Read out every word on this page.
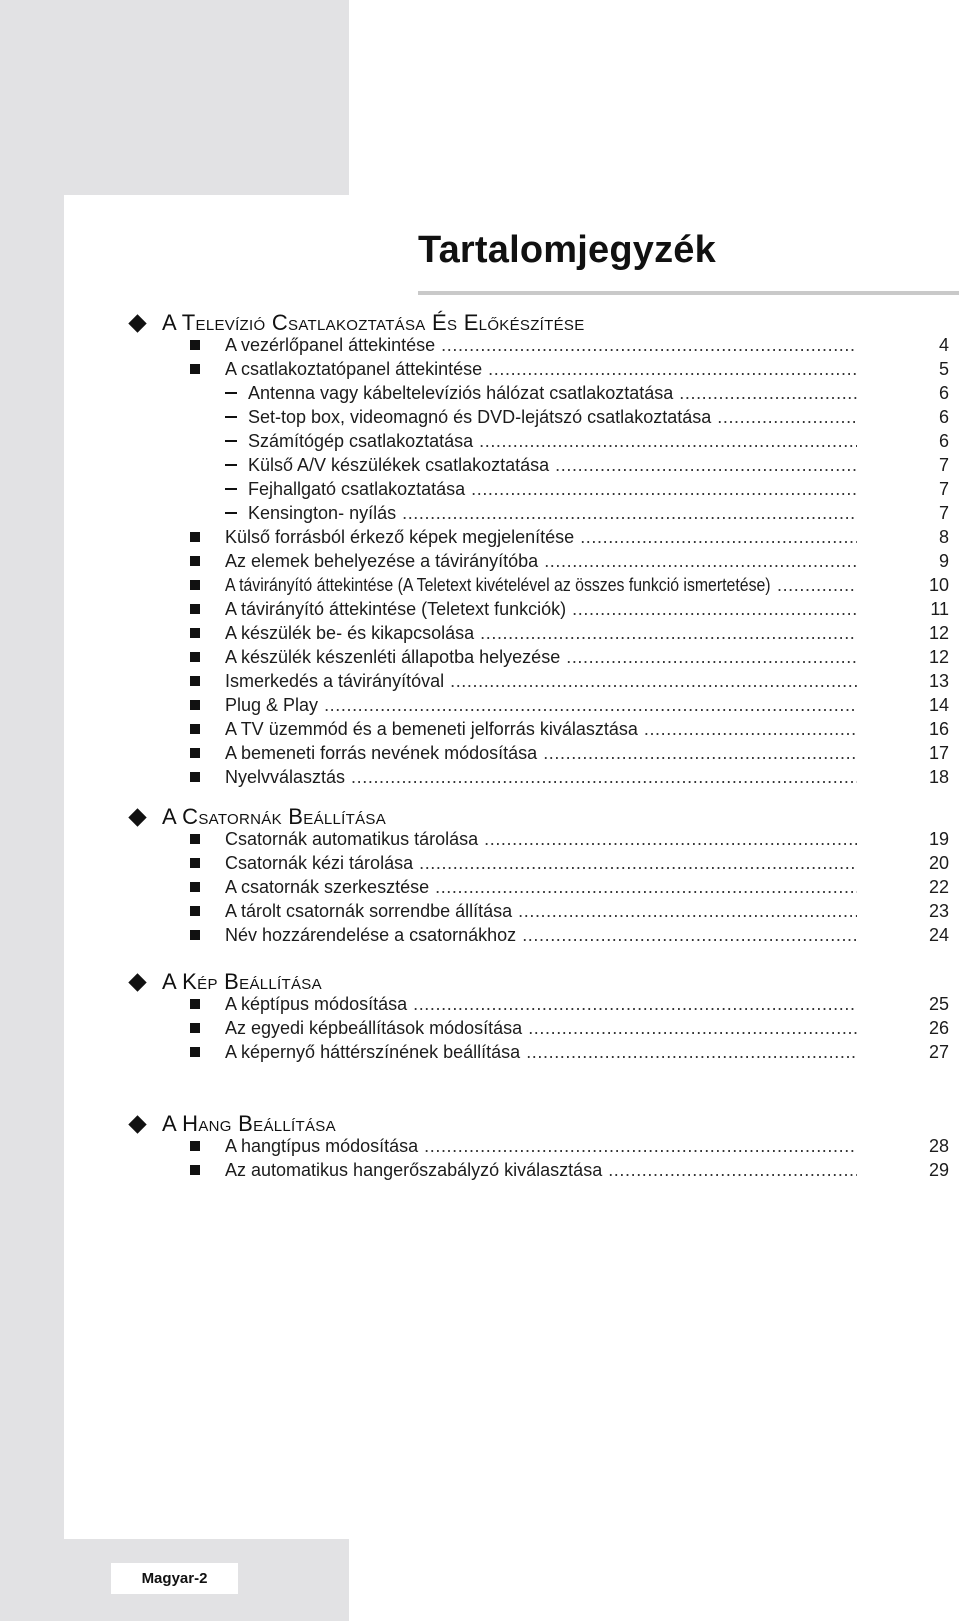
Tartalomjegyzék
A Televízió Csatlakoztatása És Előkészítése
A vezérlőpanel áttekintése .....	4
A csatlakoztatópanel áttekintése .....	5
Antenna vagy kábeltelevíziós hálózat csatlakoztatása .....	6
Set-top box, videomagnó és DVD-lejátszó csatlakoztatása .....	6
Számítógép csatlakoztatása .....	6
Külső A/V készülékek csatlakoztatása .....	7
Fejhallgató csatlakoztatása .....	7
Kensington- nyílás .....	7
Külső forrásból érkező képek megjelenítése .....	8
Az elemek behelyezése a távirányítóba .....	9
A távirányító áttekintése (A Teletext kivételével az összes funkció ismertetése) .....	10
A távirányító áttekintése (Teletext funkciók) .....	11
A készülék be- és kikapcsolása .....	12
A készülék készenléti állapotba helyezése .....	12
Ismerkedés a távirányítóval .....	13
Plug & Play .....	14
A TV üzemmód és a bemeneti jelforrás kiválasztása .....	16
A bemeneti forrás nevének módosítása .....	17
Nyelvválasztás .....	18
A Csatornák Beállítása
Csatornák automatikus tárolása .....	19
Csatornák kézi tárolása .....	20
A csatornák szerkesztése .....	22
A tárolt csatornák sorrendbe állítása .....	23
Név hozzárendelése a csatornákhoz .....	24
A Kép Beállítása
A képtípus módosítása .....	25
Az egyedi képbeállítások módosítása .....	26
A képernyő háttérszínének beállítása .....	27
A Hang Beállítása
A hangtípus módosítása .....	28
Az automatikus hangerőszabályzó kiválasztása .....	29
Magyar-2
